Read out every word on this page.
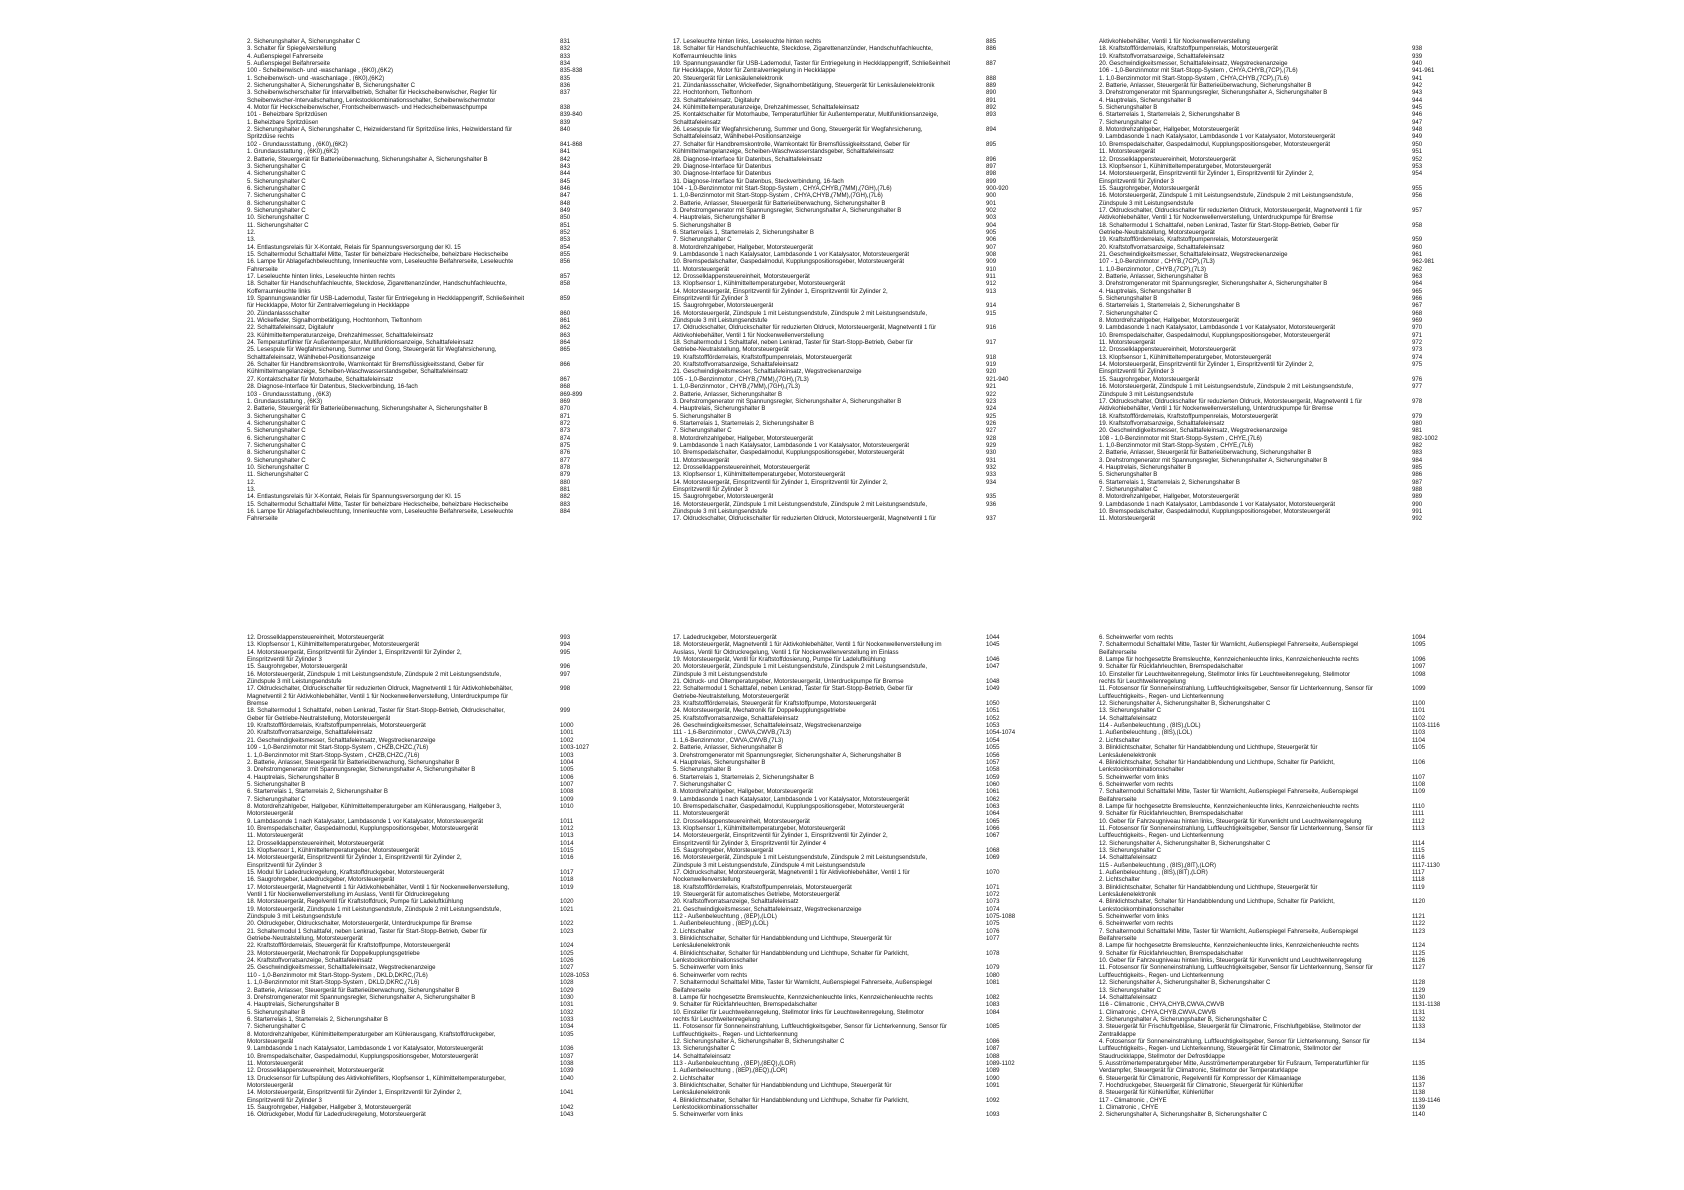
2. Sicherungshalter A, Sicherungshalter C	831
3. Schalter für Spiegelverstellung	832
4. Außenspiegel Fahrerseite	833
5. Außenspiegel Beifahrerseite	834
100 - Scheibenwisch- und -waschanlage , (6K0),(6K2)	835-838
1. Scheibenwisch- und -waschanlage , (6K0),(6K2)	835
2. Sicherungshalter A, Sicherungshalter B, Sicherungshalter C	836
3. Scheibenwischerschalter für Intervallbetrieb, Schalter für Heckscheibenwischer, Regler für	837
Scheibenwischer-Intervallschaltung, Lenkstockkombinationsschalter, Scheibenwischermotor
4. Motor für Heckscheibenwischer, Frontscheibenwasch- und Heckscheibenwaschpumpe	838
101 - Beheizbare Spritzdüsen	839-840
1. Beheizbare Spritzdüsen	839
2. Sicherungshalter A, Sicherungshalter C, Heizwiderstand für Spritzdüse links, Heizwiderstand für	840
Spritzdüse rechts
102 - Grundausstattung , (6K0),(6K2)	841-868
1. Grundausstattung , (6K0),(6K2)	841
2. Batterie, Steuergerät für Batterieüberwachung, Sicherungshalter A, Sicherungshalter B	842
3. Sicherungshalter C	843
4. Sicherungshalter C	844
5. Sicherungshalter C	845
6. Sicherungshalter C	846
7. Sicherungshalter C	847
8. Sicherungshalter C	848
9. Sicherungshalter C	849
10. Sicherungshalter C	850
11. Sicherungshalter C	851
12.	852
13.	853
14. Entlastungsrelais für X-Kontakt, Relais für Spannungsversorgung der Kl. 15	854
15. Schaltermodul Schalttafel Mitte, Taster für beheizbare Heckscheibe, beheizbare Heckscheibe	855
16. Lampe für Ablagefachbeleuchtung, Innenleuchte vorn, Leseleuchte Beifahrerseite, Leseleuchte	856
Fahrerseite
17. Leseleuchte hinten links, Leseleuchte hinten rechts	857
18. Schalter für Handschuhfachleuchte, Steckdose, Zigarettenanzünder, Handschuhfachleuchte,	858
Kofferraumleuchte links
19. Spannungswandler für USB-Lademodul, Taster für Entriegelung in Heckklappengriff, Schließeinheit	859
für Heckklappe, Motor für Zentralverriegelung in Heckklappe
20. Zündanlassschalter	860
21. Wickelfeder, Signalhornbetätigung, Hochtonhorn, Tieftonhorn	861
22. Schalttafeleinsatz, Digitaluhr	862
23. Kühlmitteltemperaturanzeige, Drehzahlmesser, Schalttafeleinsatz	863
24. Temperaturfühler für Außentemperatur, Multifunktionsanzeige, Schalttafeleinsatz	864
25. Lesespule für Wegfahrsicherung, Summer und Gong, Steuergerät für Wegfahrsicherung,	865
Schalttafeleinsatz, Wählhebel-Positionsanzeige
26. Schalter für Handbremskontrolle, Warnkontakt für Bremsflüssigkeitsstand, Geber für	866
Kühlmittelmangelanzeige, Scheiben-Waschwasserstandsgeber, Schalttafeleinsatz
27. Kontaktschalter für Motorhaube, Schalttafeleinsatz	867
28. Diagnose-Interface für Datenbus, Steckverbindung, 16-fach	868
103 - Grundausstattung , (6K3)	869-899
1. Grundausstattung , (6K3)	869
2. Batterie, Steuergerät für Batterieüberwachung, Sicherungshalter A, Sicherungshalter B	870
3. Sicherungshalter C	871
4. Sicherungshalter C	872
5. Sicherungshalter C	873
6. Sicherungshalter C	874
7. Sicherungshalter C	875
8. Sicherungshalter C	876
9. Sicherungshalter C	877
10. Sicherungshalter C	878
11. Sicherungshalter C	879
12.	880
13.	881
14. Entlastungsrelais für X-Kontakt, Relais für Spannungsversorgung der Kl. 15	882
15. Schaltermodul Schalttafel Mitte, Taster für beheizbare Heckscheibe, beheizbare Heckscheibe	883
16. Lampe für Ablagefachbeleuchtung, Innenleuchte vorn, Leseleuchte Beifahrerseite, Leseleuchte	884
Fahrerseite
17. Leseleuchte hinten links, Leseleuchte hinten rechts	885
18. Schalter für Handschuhfachleuchte, Steckdose, Zigarettenanzünder, Handschuhfachleuchte,	886
Kofferraumleuchte links
19. Spannungswandler für USB-Lademodul, Taster für Entriegelung in Heckklappengriff, Schließeinheit	887
für Heckklappe, Motor für Zentralverriegelung in Heckklappe
20. Steuergerät für Lenksäulenelektronik	888
21. Zündanlassschalter, Wickelfeder, Signalhornbetätigung, Steuergerät für Lenksäulenelektronik	889
22. Hochtonhorn, Tieftonhorn	890
23. Schalttafeleinsatz, Digitaluhr	891
24. Kühlmitteltemperaturanzeige, Drehzahlmesser, Schalttafeleinsatz	892
25. Kontaktschalter für Motorhaube, Temperaturfühler für Außentemperatur, Multifunktionsanzeige,	893
Schalttafeleinsatz
26. Lesespule für Wegfahrsicherung, Summer und Gong, Steuergerät für Wegfahrsicherung,	894
Schalttafeleinsatz, Wählhebel-Positionsanzeige
27. Schalter für Handbremskontrolle, Warnkontakt für Bremsflüssigkeitsstand, Geber für	895
Kühlmittelmangelanzeige, Scheiben-Waschwasserstandsgeber, Schalttafeleinsatz
28. Diagnose-Interface für Datenbus, Schalttafeleinsatz	896
29. Diagnose-Interface für Datenbus	897
30. Diagnose-Interface für Datenbus	898
31. Diagnose-Interface für Datenbus, Steckverbindung, 16-fach	899
104 - 1,0-Benzinmotor mit Start-Stopp-System , CHYA,CHYB,(7MM),(7GH),(7L6)	900-920
1. 1,0-Benzinmotor mit Start-Stopp-System , CHYA,CHYB,(7MM),(7GH),(7L6)	900
2. Batterie, Anlasser, Steuergerät für Batterieüberwachung, Sicherungshalter B	901
3. Drehstromgenerator mit Spannungsregler, Sicherungshalter A, Sicherungshalter B	902
4. Hauptrelais, Sicherungshalter B	903
5. Sicherungshalter B	904
6. Starterrelais 1, Starterrelais 2, Sicherungshalter B	905
7. Sicherungshalter C	906
8. Motordrehzahlgeber, Hallgeber, Motorsteuergerät	907
9. Lambdasonde 1 nach Katalysator, Lambdasonde 1 vor Katalysator, Motorsteuergerät	908
10. Bremspedalschalter, Gaspedalmodul, Kupplungspositionsgeber, Motorsteuergerät	909
11. Motorsteuergerät	910
12. Drosselklappensteuereinheit, Motorsteuergerät	911
13. Klopfsensor 1, Kühlmitteltemperaturgeber, Motorsteuergerät	912
14. Motorsteuergerät, Einspritzventil für Zylinder 1, Einspritzventil für Zylinder 2,	913
Einspritzventil für Zylinder 3
15. Saugrohrgeber, Motorsteuergerät	914
16. Motorsteuergerät, Zündspule 1 mit Leistungsendstufe, Zündspule 2 mit Leistungsendstufe,	915
Zündspule 3 mit Leistungsendstufe
17. Öldruckschalter, Öldruckschalter für reduzierten Öldruck, Motorsteuergerät, Magnetventil 1 für	916
Aktivkohlebehälter, Ventil 1 für Nockenwellenverstellung
18. Schaltermodul 1 Schalttafel, neben Lenkrad, Taster für Start-Stopp-Betrieb, Geber für	917
Getriebe-Neutralstellung, Motorsteuergerät
19. Kraftstoffförderrelais, Kraftstoffpumpenrelais, Motorsteuergerät	918
20. Kraftstoffvorratsanzeige, Schalttafeleinsatz	919
21. Geschwindigkeitsmesser, Schalttafeleinsatz, Wegstreckenanzeige	920
105 - 1,0-Benzinmotor , CHYB,(7MM),(7GH),(7L3)	921-940
1. 1,0-Benzinmotor , CHYB,(7MM),(7GH),(7L3)	921
2. Batterie, Anlasser, Sicherungshalter B	922
3. Drehstromgenerator mit Spannungsregler, Sicherungshalter A, Sicherungshalter B	923
4. Hauptrelais, Sicherungshalter B	924
5. Sicherungshalter B	925
6. Starterrelais 1, Starterrelais 2, Sicherungshalter B	926
7. Sicherungshalter C	927
8. Motordrehzahlgeber, Hallgeber, Motorsteuergerät	928
9. Lambdasonde 1 nach Katalysator, Lambdasonde 1 vor Katalysator, Motorsteuergerät	929
10. Bremspedalschalter, Gaspedalmodul, Kupplungspositionsgeber, Motorsteuergerät	930
11. Motorsteuergerät	931
12. Drosselklappensteuereinheit, Motorsteuergerät	932
13. Klopfsensor 1, Kühlmitteltemperaturgeber, Motorsteuergerät	933
14. Motorsteuergerät, Einspritzventil für Zylinder 1, Einspritzventil für Zylinder 2,	934
Einspritzventil für Zylinder 3
15. Saugrohrgeber, Motorsteuergerät	935
16. Motorsteuergerät, Zündspule 1 mit Leistungsendstufe, Zündspule 2 mit Leistungsendstufe,	936
Zündspule 3 mit Leistungsendstufe
17. Öldruckschalter, Öldruckschalter für reduzierten Öldruck, Motorsteuergerät, Magnetventil 1 für	937
Aktivkohlebehälter, Ventil 1 für Nockenwellenverstellung
18. Kraftstoffförderrelais, Kraftstoffpumpenrelais, Motorsteuergerät	938
19. Kraftstoffvorratsanzeige, Schalttafeleinsatz	939
20. Geschwindigkeitsmesser, Schalttafeleinsatz, Wegstreckenanzeige	940
106 - 1,0-Benzinmotor mit Start-Stopp-System , CHYA,CHYB,(7CP),(7L6)	941-961
1. 1,0-Benzinmotor mit Start-Stopp-System , CHYA,CHYB,(7CP),(7L6)	941
2. Batterie, Anlasser, Steuergerät für Batterieüberwachung, Sicherungshalter B	942
3. Drehstromgenerator mit Spannungsregler, Sicherungshalter A, Sicherungshalter B	943
4. Hauptrelais, Sicherungshalter B	944
5. Sicherungshalter B	945
6. Starterrelais 1, Starterrelais 2, Sicherungshalter B	946
7. Sicherungshalter C	947
8. Motordrehzahlgeber, Hallgeber, Motorsteuergerät	948
9. Lambdasonde 1 nach Katalysator, Lambdasonde 1 vor Katalysator, Motorsteuergerät	949
10. Bremspedalschalter, Gaspedalmodul, Kupplungspositionsgeber, Motorsteuergerät	950
11. Motorsteuergerät	951
12. Drosselklappensteuereinheit, Motorsteuergerät	952
13. Klopfsensor 1, Kühlmitteltemperaturgeber, Motorsteuergerät	953
14. Motorsteuergerät, Einspritzventil für Zylinder 1, Einspritzventil für Zylinder 2,	954
Einspritzventil für Zylinder 3
15. Saugrohrgeber, Motorsteuergerät	955
16. Motorsteuergerät, Zündspule 1 mit Leistungsendstufe, Zündspule 2 mit Leistungsendstufe,	956
Zündspule 3 mit Leistungsendstufe
17. Öldruckschalter, Öldruckschalter für reduzierten Öldruck, Motorsteuergerät, Magnetventil 1 für	957
Aktivkohlebehälter, Ventil 1 für Nockenwellenverstellung, Unterdruckpumpe für Bremse
18. Schaltermodul 1 Schalttafel, neben Lenkrad, Taster für Start-Stopp-Betrieb, Geber für	958
Getriebe-Neutralstellung, Motorsteuergerät
19. Kraftstoffförderrelais, Kraftstoffpumpenrelais, Motorsteuergerät	959
20. Kraftstoffvorratsanzeige, Schalttafeleinsatz	960
21. Geschwindigkeitsmesser, Schalttafeleinsatz, Wegstreckenanzeige	961
107 - 1,0-Benzinmotor , CHYB,(7CP),(7L3)	962-981
1. 1,0-Benzinmotor , CHYB,(7CP),(7L3)	962
2. Batterie, Anlasser, Sicherungshalter B	963
3. Drehstromgenerator mit Spannungsregler, Sicherungshalter A, Sicherungshalter B	964
4. Hauptrelais, Sicherungshalter B	965
5. Sicherungshalter B	966
6. Starterrelais 1, Starterrelais 2, Sicherungshalter B	967
7. Sicherungshalter C	968
8. Motordrehzahlgeber, Hallgeber, Motorsteuergerät	969
9. Lambdasonde 1 nach Katalysator, Lambdasonde 1 vor Katalysator, Motorsteuergerät	970
10. Bremspedalschalter, Gaspedalmodul, Kupplungspositionsgeber, Motorsteuergerät	971
11. Motorsteuergerät	972
12. Drosselklappensteuereinheit, Motorsteuergerät	973
13. Klopfsensor 1, Kühlmitteltemperaturgeber, Motorsteuergerät	974
14. Motorsteuergerät, Einspritzventil für Zylinder 1, Einspritzventil für Zylinder 2,	975
Einspritzventil für Zylinder 3
15. Saugrohrgeber, Motorsteuergerät	976
16. Motorsteuergerät, Zündspule 1 mit Leistungsendstufe, Zündspule 2 mit Leistungsendstufe,	977
Zündspule 3 mit Leistungsendstufe
17. Öldruckschalter, Öldruckschalter für reduzierten Öldruck, Motorsteuergerät, Magnetventil 1 für	978
Aktivkohlebehälter, Ventil 1 für Nockenwellenverstellung, Unterdruckpumpe für Bremse
18. Kraftstoffförderrelais, Kraftstoffpumpenrelais, Motorsteuergerät	979
19. Kraftstoffvorratsanzeige, Schalttafeleinsatz	980
20. Geschwindigkeitsmesser, Schalttafeleinsatz, Wegstreckenanzeige	981
108 - 1,0-Benzinmotor mit Start-Stopp-System , CHYE,(7L6)	982-1002
1. 1,0-Benzinmotor mit Start-Stopp-System , CHYE,(7L6)	982
2. Batterie, Anlasser, Steuergerät für Batterieüberwachung, Sicherungshalter B	983
3. Drehstromgenerator mit Spannungsregler, Sicherungshalter A, Sicherungshalter B	984
4. Hauptrelais, Sicherungshalter B	985
5. Sicherungshalter B	986
6. Starterrelais 1, Starterrelais 2, Sicherungshalter B	987
7. Sicherungshalter C	988
8. Motordrehzahlgeber, Hallgeber, Motorsteuergerät	989
9. Lambdasonde 1 nach Katalysator, Lambdasonde 1 vor Katalysator, Motorsteuergerät	990
10. Bremspedalschalter, Gaspedalmodul, Kupplungspositionsgeber, Motorsteuergerät	991
11. Motorsteuergerät	992
12. Drosselklappensteuereinheit, Motorsteuergerät	993
13. Klopfsensor 1, Kühlmitteltemperaturgeber, Motorsteuergerät	994
14. Motorsteuergerät, Einspritzventil für Zylinder 1, Einspritzventil für Zylinder 2,	995
Einspritzventil für Zylinder 3
15. Saugrohrgeber, Motorsteuergerät	996
16. Motorsteuergerät, Zündspule 1 mit Leistungsendstufe, Zündspule 2 mit Leistungsendstufe,	997
Zündspule 3 mit Leistungsendstufe
17. Öldruckschalter, Öldruckschalter für reduzierten Öldruck, Magnetventil 1 für Aktivkohlebehälter,	998
Magnetventil 2 für Aktivkohlebehälter, Ventil 1 für Nockenwellenverstellung, Unterdruckpumpe für
Bremse
18. Schaltermodul 1 Schalttafel, neben Lenkrad, Taster für Start-Stopp-Betrieb, Öldruckschalter,	999
Geber für Getriebe-Neutralstellung, Motorsteuergerät
19. Kraftstoffförderrelais, Kraftstoffpumpenrelais, Motorsteuergerät	1000
20. Kraftstoffvorratsanzeige, Schalttafeleinsatz	1001
21. Geschwindigkeitsmesser, Schalttafeleinsatz, Wegstreckenanzeige	1002
109 - 1,0-Benzinmotor mit Start-Stopp-System , CHZB,CHZC,(7L6)	1003-1027
1. 1,0-Benzinmotor mit Start-Stopp-System , CHZB,CHZC,(7L6)	1003
2. Batterie, Anlasser, Steuergerät für Batterieüberwachung, Sicherungshalter B	1004
3. Drehstromgenerator mit Spannungsregler, Sicherungshalter A, Sicherungshalter B	1005
4. Hauptrelais, Sicherungshalter B	1006
5. Sicherungshalter B	1007
6. Starterrelais 1, Starterrelais 2, Sicherungshalter B	1008
7. Sicherungshalter C	1009
8. Motordrehzahlgeber, Hallgeber, Kühlmitteltemperaturgeber am Kühlerausgang, Hallgeber 3,	1010
Motorsteuergerät
9. Lambdasonde 1 nach Katalysator, Lambdasonde 1 vor Katalysator, Motorsteuergerät	1011
10. Bremspedalschalter, Gaspedalmodul, Kupplungspositionsgeber, Motorsteuergerät	1012
11. Motorsteuergerät	1013
12. Drosselklappensteuereinheit, Motorsteuergerät	1014
13. Klopfsensor 1, Kühlmitteltemperaturgeber, Motorsteuergerät	1015
14. Motorsteuergerät, Einspritzventil für Zylinder 1, Einspritzventil für Zylinder 2,	1016
Einspritzventil für Zylinder 3
15. Modul für Ladedruckregelung, Kraftstoffdruckgeber, Motorsteuergerät	1017
16. Saugrohrgeber, Ladedruckgeber, Motorsteuergerät	1018
17. Motorsteuergerät, Magnetventil 1 für Aktivkohlebehälter, Ventil 1 für Nockenwellenverstellung,	1019
Ventil 1 für Nockenwellenverstellung im Auslass, Ventil für Öldruckregelung
18. Motorsteuergerät, Regelventil für Kraftstoffdruck, Pumpe für Ladeluftkühlung	1020
19. Motorsteuergerät, Zündspule 1 mit Leistungsendstufe, Zündspule 2 mit Leistungsendstufe,	1021
Zündspule 3 mit Leistungsendstufe
20. Öldruckgeber, Öldruckschalter, Motorsteuergerät, Unterdruckpumpe für Bremse	1022
21. Schaltermodul 1 Schalttafel, neben Lenkrad, Taster für Start-Stopp-Betrieb, Geber für	1023
Getriebe-Neutralstellung, Motorsteuergerät
22. Kraftstoffförderrelais, Steuergerät für Kraftstoffpumpe, Motorsteuergerät	1024
23. Motorsteuergerät, Mechatronik für Doppelkupplungsgetriebe	1025
24. Kraftstoffvorratsanzeige, Schalttafeleinsatz	1026
25. Geschwindigkeitsmesser, Schalttafeleinsatz, Wegstreckenanzeige	1027
110 - 1,0-Benzinmotor mit Start-Stopp-System , DKLD,DKRC,(7L6)	1028-1053
1. 1,0-Benzinmotor mit Start-Stopp-System , DKLD,DKRC,(7L6)	1028
2. Batterie, Anlasser, Steuergerät für Batterieüberwachung, Sicherungshalter B	1029
3. Drehstromgenerator mit Spannungsregler, Sicherungshalter A, Sicherungshalter B	1030
4. Hauptrelais, Sicherungshalter B	1031
5. Sicherungshalter B	1032
6. Starterrelais 1, Starterrelais 2, Sicherungshalter B	1033
7. Sicherungshalter C	1034
8. Motordrehzahlgeber, Kühlmitteltemperaturgeber am Kühlerausgang, Kraftstoffdruckgeber,	1035
Motorsteuergerät
9. Lambdasonde 1 nach Katalysator, Lambdasonde 1 vor Katalysator, Motorsteuergerät	1036
10. Bremspedalschalter, Gaspedalmodul, Kupplungspositionsgeber, Motorsteuergerät	1037
11. Motorsteuergerät	1038
12. Drosselklappensteuereinheit, Motorsteuergerät	1039
13. Drucksensor für Luftspülung des Aktivkohlefilters, Klopfsensor 1, Kühlmitteltemperaturgeber,	1040
Motorsteuergerät
14. Motorsteuergerät, Einspritzventil für Zylinder 1, Einspritzventil für Zylinder 2,	1041
Einspritzventil für Zylinder 3
15. Saugrohrgeber, Hallgeber, Hallgeber 3, Motorsteuergerät	1042
16. Öldruckgeber, Modul für Ladedruckregelung, Motorsteuergerät	1043
17. Ladedruckgeber, Motorsteuergerät	1044
18. Motorsteuergerät, Magnetventil 1 für Aktivkohlebehälter, Ventil 1 für Nockenwellenverstellung im	1045
Auslass, Ventil für Öldruckregelung, Ventil 1 für Nockenwellenverstellung im Einlass
19. Motorsteuergerät, Ventil für Kraftstoffdosierung, Pumpe für Ladeluftkühlung	1046
20. Motorsteuergerät, Zündspule 1 mit Leistungsendstufe, Zündspule 2 mit Leistungsendstufe,	1047
Zündspule 3 mit Leistungsendstufe
21. Öldruck- und Öltemperaturgeber, Motorsteuergerät, Unterdruckpumpe für Bremse	1048
22. Schaltermodul 1 Schalttafel, neben Lenkrad, Taster für Start-Stopp-Betrieb, Geber für	1049
Getriebe-Neutralstellung, Motorsteuergerät
23. Kraftstoffförderrelais, Steuergerät für Kraftstoffpumpe, Motorsteuergerät	1050
24. Motorsteuergerät, Mechatronik für Doppelkupplungsgetriebe	1051
25. Kraftstoffvorratsanzeige, Schalttafeleinsatz	1052
26. Geschwindigkeitsmesser, Schalttafeleinsatz, Wegstreckenanzeige	1053
111 - 1,6-Benzinmotor , CWVA,CWVB,(7L3)	1054-1074
1. 1,6-Benzinmotor , CWVA,CWVB,(7L3)	1054
2. Batterie, Anlasser, Sicherungshalter B	1055
3. Drehstromgenerator mit Spannungsregler, Sicherungshalter A, Sicherungshalter B	1056
4. Hauptrelais, Sicherungshalter B	1057
5. Sicherungshalter B	1058
6. Starterrelais 1, Starterrelais 2, Sicherungshalter B	1059
7. Sicherungshalter C	1060
8. Motordrehzahlgeber, Hallgeber, Motorsteuergerät	1061
9. Lambdasonde 1 nach Katalysator, Lambdasonde 1 vor Katalysator, Motorsteuergerät	1062
10. Bremspedalschalter, Gaspedalmodul, Kupplungspositionsgeber, Motorsteuergerät	1063
11. Motorsteuergerät	1064
12. Drosselklappensteuereinheit, Motorsteuergerät	1065
13. Klopfsensor 1, Kühlmitteltemperaturgeber, Motorsteuergerät	1066
14. Motorsteuergerät, Einspritzventil für Zylinder 1, Einspritzventil für Zylinder 2,	1067
Einspritzventil für Zylinder 3, Einspritzventil für Zylinder 4
15. Saugrohrgeber, Motorsteuergerät	1068
16. Motorsteuergerät, Zündspule 1 mit Leistungsendstufe, Zündspule 2 mit Leistungsendstufe,	1069
Zündspule 3 mit Leistungsendstufe, Zündspule 4 mit Leistungsendstufe
17. Öldruckschalter, Motorsteuergerät, Magnetventil 1 für Aktivkohlebehälter, Ventil 1 für	1070
Nockenwellenverstellung
18. Kraftstoffförderrelais, Kraftstoffpumpenrelais, Motorsteuergerät	1071
19. Steuergerät für automatisches Getriebe, Motorsteuergerät	1072
20. Kraftstoffvorratsanzeige, Schalttafeleinsatz	1073
21. Geschwindigkeitsmesser, Schalttafeleinsatz, Wegstreckenanzeige	1074
112 - Außenbeleuchtung , (8EP),(LOL)	1075-1088
1. Außenbeleuchtung , (8EP),(LOL)	1075
2. Lichtschalter	1076
3. Blinklichtschalter, Schalter für Handabblendung und Lichthupe, Steuergerät für	1077
Lenksäulenelektronik
4. Blinklichtschalter, Schalter für Handabblendung und Lichthupe, Schalter für Parklicht,	1078
Lenkstockkombinationsschalter
5. Scheinwerfer vorn links	1079
6. Scheinwerfer vorn rechts	1080
7. Schaltermodul Schalttafel Mitte, Taster für Warnlicht, Außenspiegel Fahrerseite, Außenspiegel	1081
Beifahrerseite
8. Lampe für hochgesetzte Bremsleuchte, Kennzeichenleuchte links, Kennzeichenleuchte rechts	1082
9. Schalter für Rückfahrleuchten, Bremspedalschalter	1083
10. Einsteller für Leuchtweitenregelung, Stellmotor links für Leuchtweitenregelung, Stellmotor	1084
rechts für Leuchtweitenregelung
11. Fotosensor für Sonneneinstrahlung, Luftfeuchtigkeitsgeber, Sensor für Lichterkennung, Sensor für	1085
Luftfeuchtigkeits-, Regen- und Lichterkennung
12. Sicherungshalter A, Sicherungshalter B, Sicherungshalter C	1086
13. Sicherungshalter C	1087
14. Schalttafeleinsatz	1088
113 - Außenbeleuchtung , (8EP),(8EQ),(LOR)	1089-1102
1. Außenbeleuchtung , (8EP),(8EQ),(LOR)	1089
2. Lichtschalter	1090
3. Blinklichtschalter, Schalter für Handabblendung und Lichthupe, Steuergerät für	1091
Lenksäulenelektronik
4. Blinklichtschalter, Schalter für Handabblendung und Lichthupe, Schalter für Parklicht,	1092
Lenkstockkombinationsschalter
5. Scheinwerfer vorn links	1093
6. Scheinwerfer vorn rechts	1094
7. Schaltermodul Schalttafel Mitte, Taster für Warnlicht, Außenspiegel Fahrerseite, Außenspiegel	1095
Beifahrerseite
8. Lampe für hochgesetzte Bremsleuchte, Kennzeichenleuchte links, Kennzeichenleuchte rechts	1096
9. Schalter für Rückfahrleuchten, Bremspedalschalter	1097
10. Einsteller für Leuchtweitenregelung, Stellmotor links für Leuchtweitenregelung, Stellmotor	1098
rechts für Leuchtweitenregelung
11. Fotosensor für Sonneneinstrahlung, Luftfeuchtigkeitsgeber, Sensor für Lichterkennung, Sensor für	1099
Luftfeuchtigkeits-, Regen- und Lichterkennung
12. Sicherungshalter A, Sicherungshalter B, Sicherungshalter C	1100
13. Sicherungshalter C	1101
14. Schalttafeleinsatz	1102
114 - Außenbeleuchtung , (8IS),(LOL)	1103-1116
1. Außenbeleuchtung , (8IS),(LOL)	1103
2. Lichtschalter	1104
3. Blinklichtschalter, Schalter für Handabblendung und Lichthupe, Steuergerät für	1105
Lenksäulenelektronik
4. Blinklichtschalter, Schalter für Handabblendung und Lichthupe, Schalter für Parklicht,	1106
Lenkstockkombinationsschalter
5. Scheinwerfer vorn links	1107
6. Scheinwerfer vorn rechts	1108
7. Schaltermodul Schalttafel Mitte, Taster für Warnlicht, Außenspiegel Fahrerseite, Außenspiegel	1109
Beifahrerseite
8. Lampe für hochgesetzte Bremsleuchte, Kennzeichenleuchte links, Kennzeichenleuchte rechts	1110
9. Schalter für Rückfahrleuchten, Bremspedalschalter	1111
10. Geber für Fahrzeugniveau hinten links, Steuergerät für Kurvenlicht und Leuchtweitenregelung	1112
11. Fotosensor für Sonneneinstrahlung, Luftfeuchtigkeitsgeber, Sensor für Lichterkennung, Sensor für	1113
Luftfeuchtigkeits-, Regen- und Lichterkennung
12. Sicherungshalter A, Sicherungshalter B, Sicherungshalter C	1114
13. Sicherungshalter C	1115
14. Schalttafeleinsatz	1116
115 - Außenbeleuchtung , (8IS),(8IT),(LOR)	1117-1130
1. Außenbeleuchtung , (8IS),(8IT),(LOR)	1117
2. Lichtschalter	1118
3. Blinklichtschalter, Schalter für Handabblendung und Lichthupe, Steuergerät für	1119
Lenksäulenelektronik
4. Blinklichtschalter, Schalter für Handabblendung und Lichthupe, Schalter für Parklicht,	1120
Lenkstockkombinationsschalter
5. Scheinwerfer vorn links	1121
6. Scheinwerfer vorn rechts	1122
7. Schaltermodul Schalttafel Mitte, Taster für Warnlicht, Außenspiegel Fahrerseite, Außenspiegel	1123
Beifahrerseite
8. Lampe für hochgesetzte Bremsleuchte, Kennzeichenleuchte links, Kennzeichenleuchte rechts	1124
9. Schalter für Rückfahrleuchten, Bremspedalschalter	1125
10. Geber für Fahrzeugniveau hinten links, Steuergerät für Kurvenlicht und Leuchtweitenregelung	1126
11. Fotosensor für Sonneneinstrahlung, Luftfeuchtigkeitsgeber, Sensor für Lichterkennung, Sensor für	1127
Luftfeuchtigkeits-, Regen- und Lichterkennung
12. Sicherungshalter A, Sicherungshalter B, Sicherungshalter C	1128
13. Sicherungshalter C	1129
14. Schalttafeleinsatz	1130
116 - Climatronic , CHYA,CHYB,CWVA,CWVB	1131-1138
1. Climatronic , CHYA,CHYB,CWVA,CWVB	1131
2. Sicherungshalter A, Sicherungshalter B, Sicherungshalter C	1132
3. Steuergerät für Frischluftgebläse, Steuergerät für Climatronic, Frischluftgebläse, Stellmotor der	1133
Zentralklappe
4. Fotosensor für Sonneneinstrahlung, Luftfeuchtigkeitsgeber, Sensor für Lichterkennung, Sensor für	1134
Luftfeuchtigkeits-, Regen- und Lichterkennung, Steuergerät für Climatronic, Stellmotor der
Staudruckklappe, Stellmotor der Defrostklappe
5. Ausströmertemperaturgeber Mitte, Ausströmertemperaturgeber für Fußraum, Temperaturfühler für	1135
Verdampfer, Steuergerät für Climatronic, Stellmotor der Temperaturklappe
6. Steuergerät für Climatronic, Regelventil für Kompressor der Klimaanlage	1136
7. Hochdruckgeber, Steuergerät für Climatronic, Steuergerät für Kühlerlüfter	1137
8. Steuergerät für Kühlerlüfter, Kühlerlüfter	1138
117 - Climatronic , CHYE	1139-1146
1. Climatronic , CHYE	1139
2. Sicherungshalter A, Sicherungshalter B, Sicherungshalter C	1140
